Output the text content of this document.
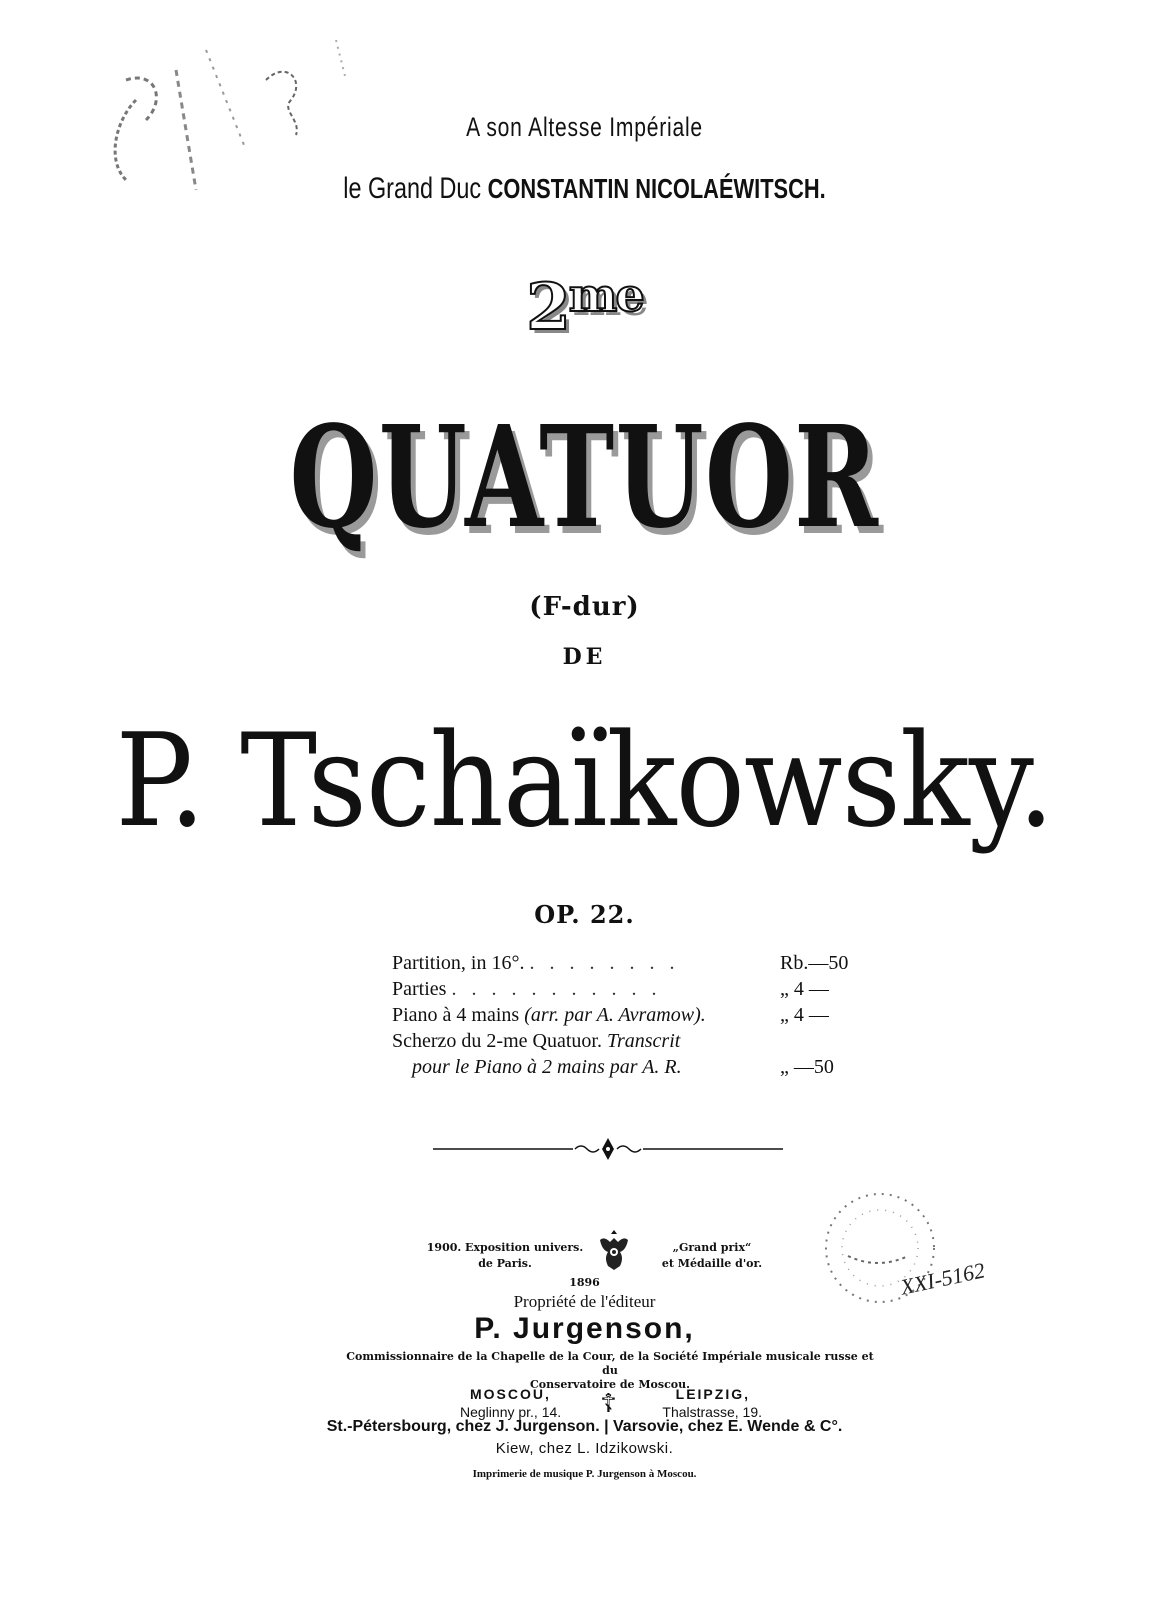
A son Altesse Impériale
le Grand Duc CONSTANTIN NICOLAÉWITSCH.
$2^{me}$
QUATUOR
(F-dur)
DE
P. Tschaïkowsky.
OP. 22.
Partition, in 16°. . . . . . . . .	Rb.—50
Parties . . . . . . . . . . .	„ 4 —
Piano à 4 mains (arr. par A. Avramow).	„ 4 —
Scherzo du 2-me Quatuor. Transcrit
pour le Piano à 2 mains par A. R.	„ —50
1900. Exposition univers.
de Paris.
„Grand prix“
et Médaille d'or.
1896
Propriété de l'éditeur
P. Jurgenson,
Commissionnaire de la Chapelle de la Cour, de la Société Impériale musicale russe et du
Conservatoire de Moscou.
MOSCOU,
Neglinny pr., 14. ☦	LEIPZIG,
Thalstrasse, 19.
St.-Pétersbourg, chez J. Jurgenson. | Varsovie, chez E. Wende & C°.
Kiew, chez L. Idzikowski.
Imprimerie de musique P. Jurgenson à Moscou.
XXI-5162
